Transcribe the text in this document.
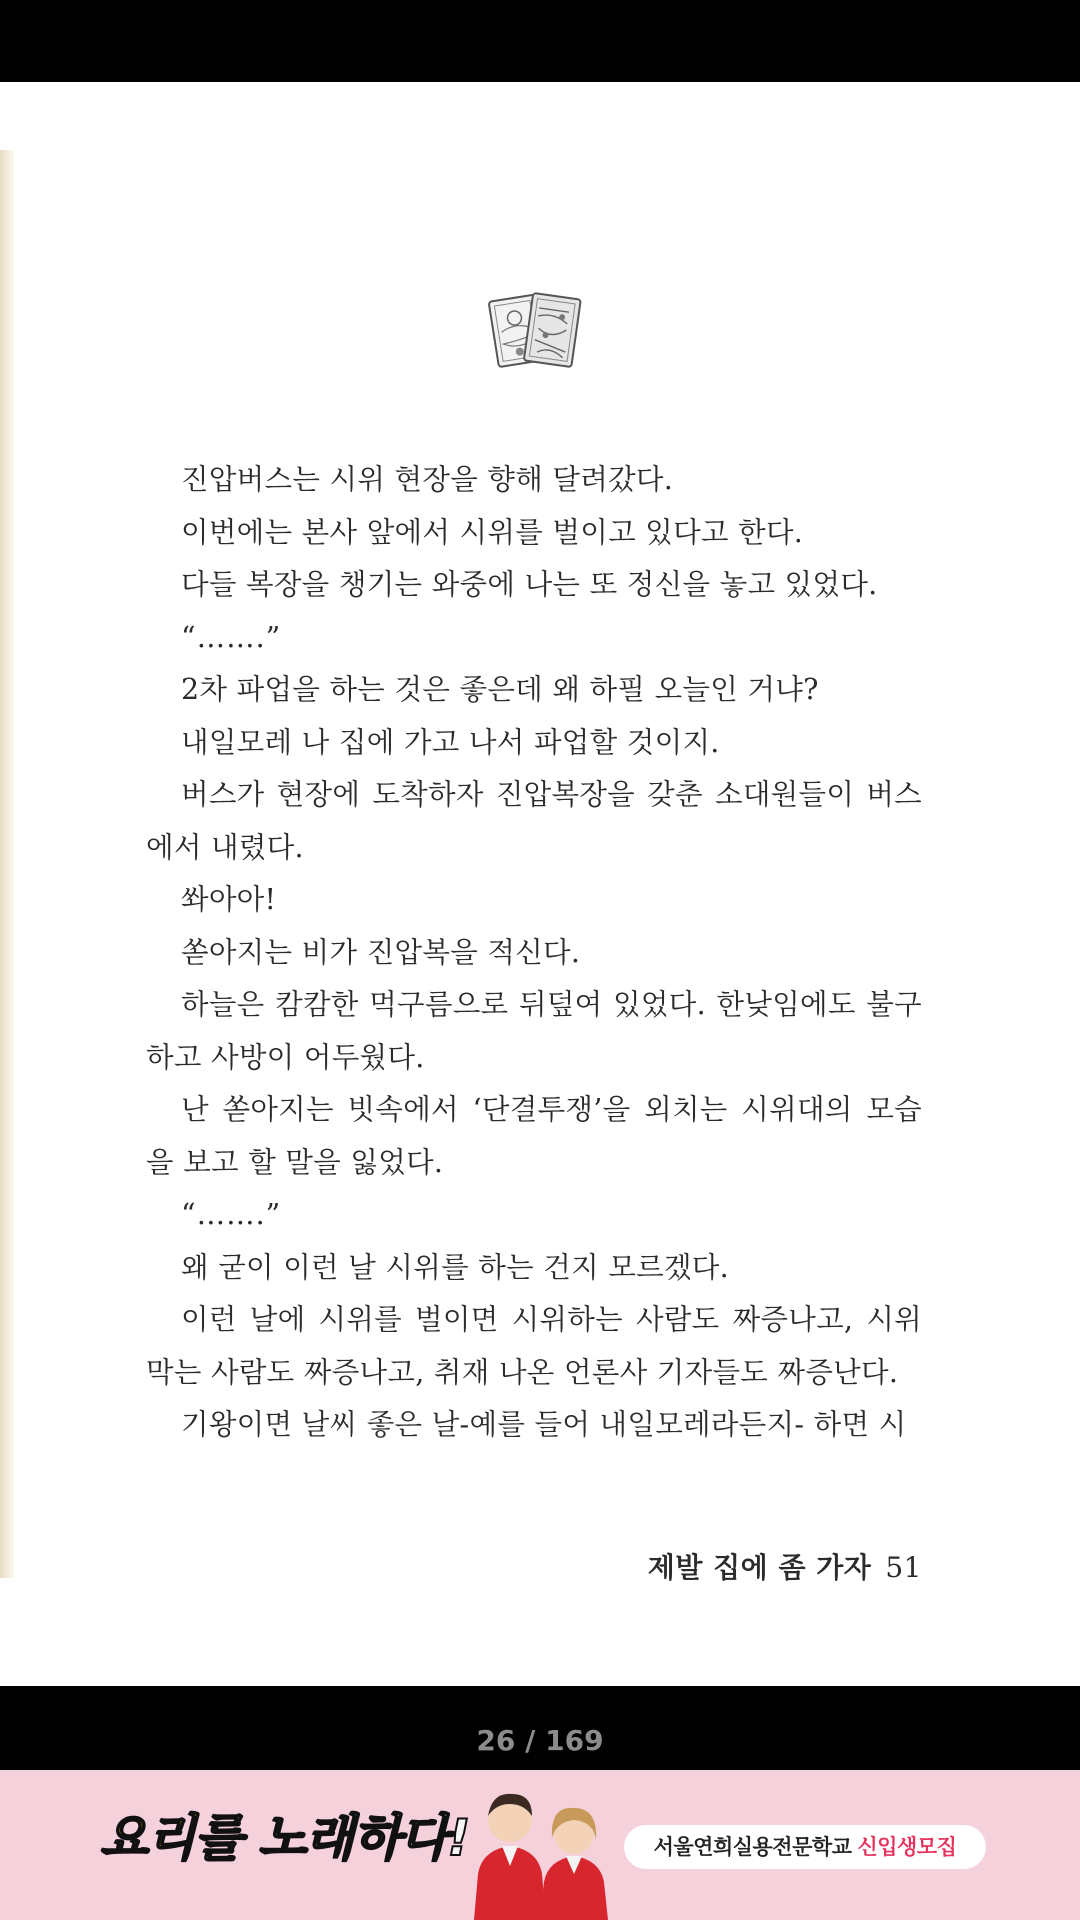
진압버스는 시위 현장을 향해 달려갔다.

이번에는 본사 앞에서 시위를 벌이고 있다고 한다.

다들 복장을 챙기는 와중에 나는 또 정신을 놓고 있었다.

“…….”

2차 파업을 하는 것은 좋은데 왜 하필 오늘인 거냐?

내일모레 나 집에 가고 나서 파업할 것이지.

버스가 현장에 도착하자 진압복장을 갖춘 소대원들이 버스에서 내렸다.

쏴아아!

쏟아지는 비가 진압복을 적신다.

하늘은 캄캄한 먹구름으로 뒤덮여 있었다. 한낮임에도 불구하고 사방이 어두웠다.

난 쏟아지는 빗속에서 ‘단결투쟁’을 외치는 시위대의 모습을 보고 할 말을 잃었다.

“…….”

왜 굳이 이런 날 시위를 하는 건지 모르겠다.

이런 날에 시위를 벌이면 시위하는 사람도 짜증나고, 시위 막는 사람도 짜증나고, 취재 나온 언론사 기자들도 짜증난다.

기왕이면 날씨 좋은 날-예를 들어 내일모레라든지- 하면 시

제발 집에 좀 가자 51
26 / 169
요리를 노래하다!	서울연희실용전문학교 신입생모집
